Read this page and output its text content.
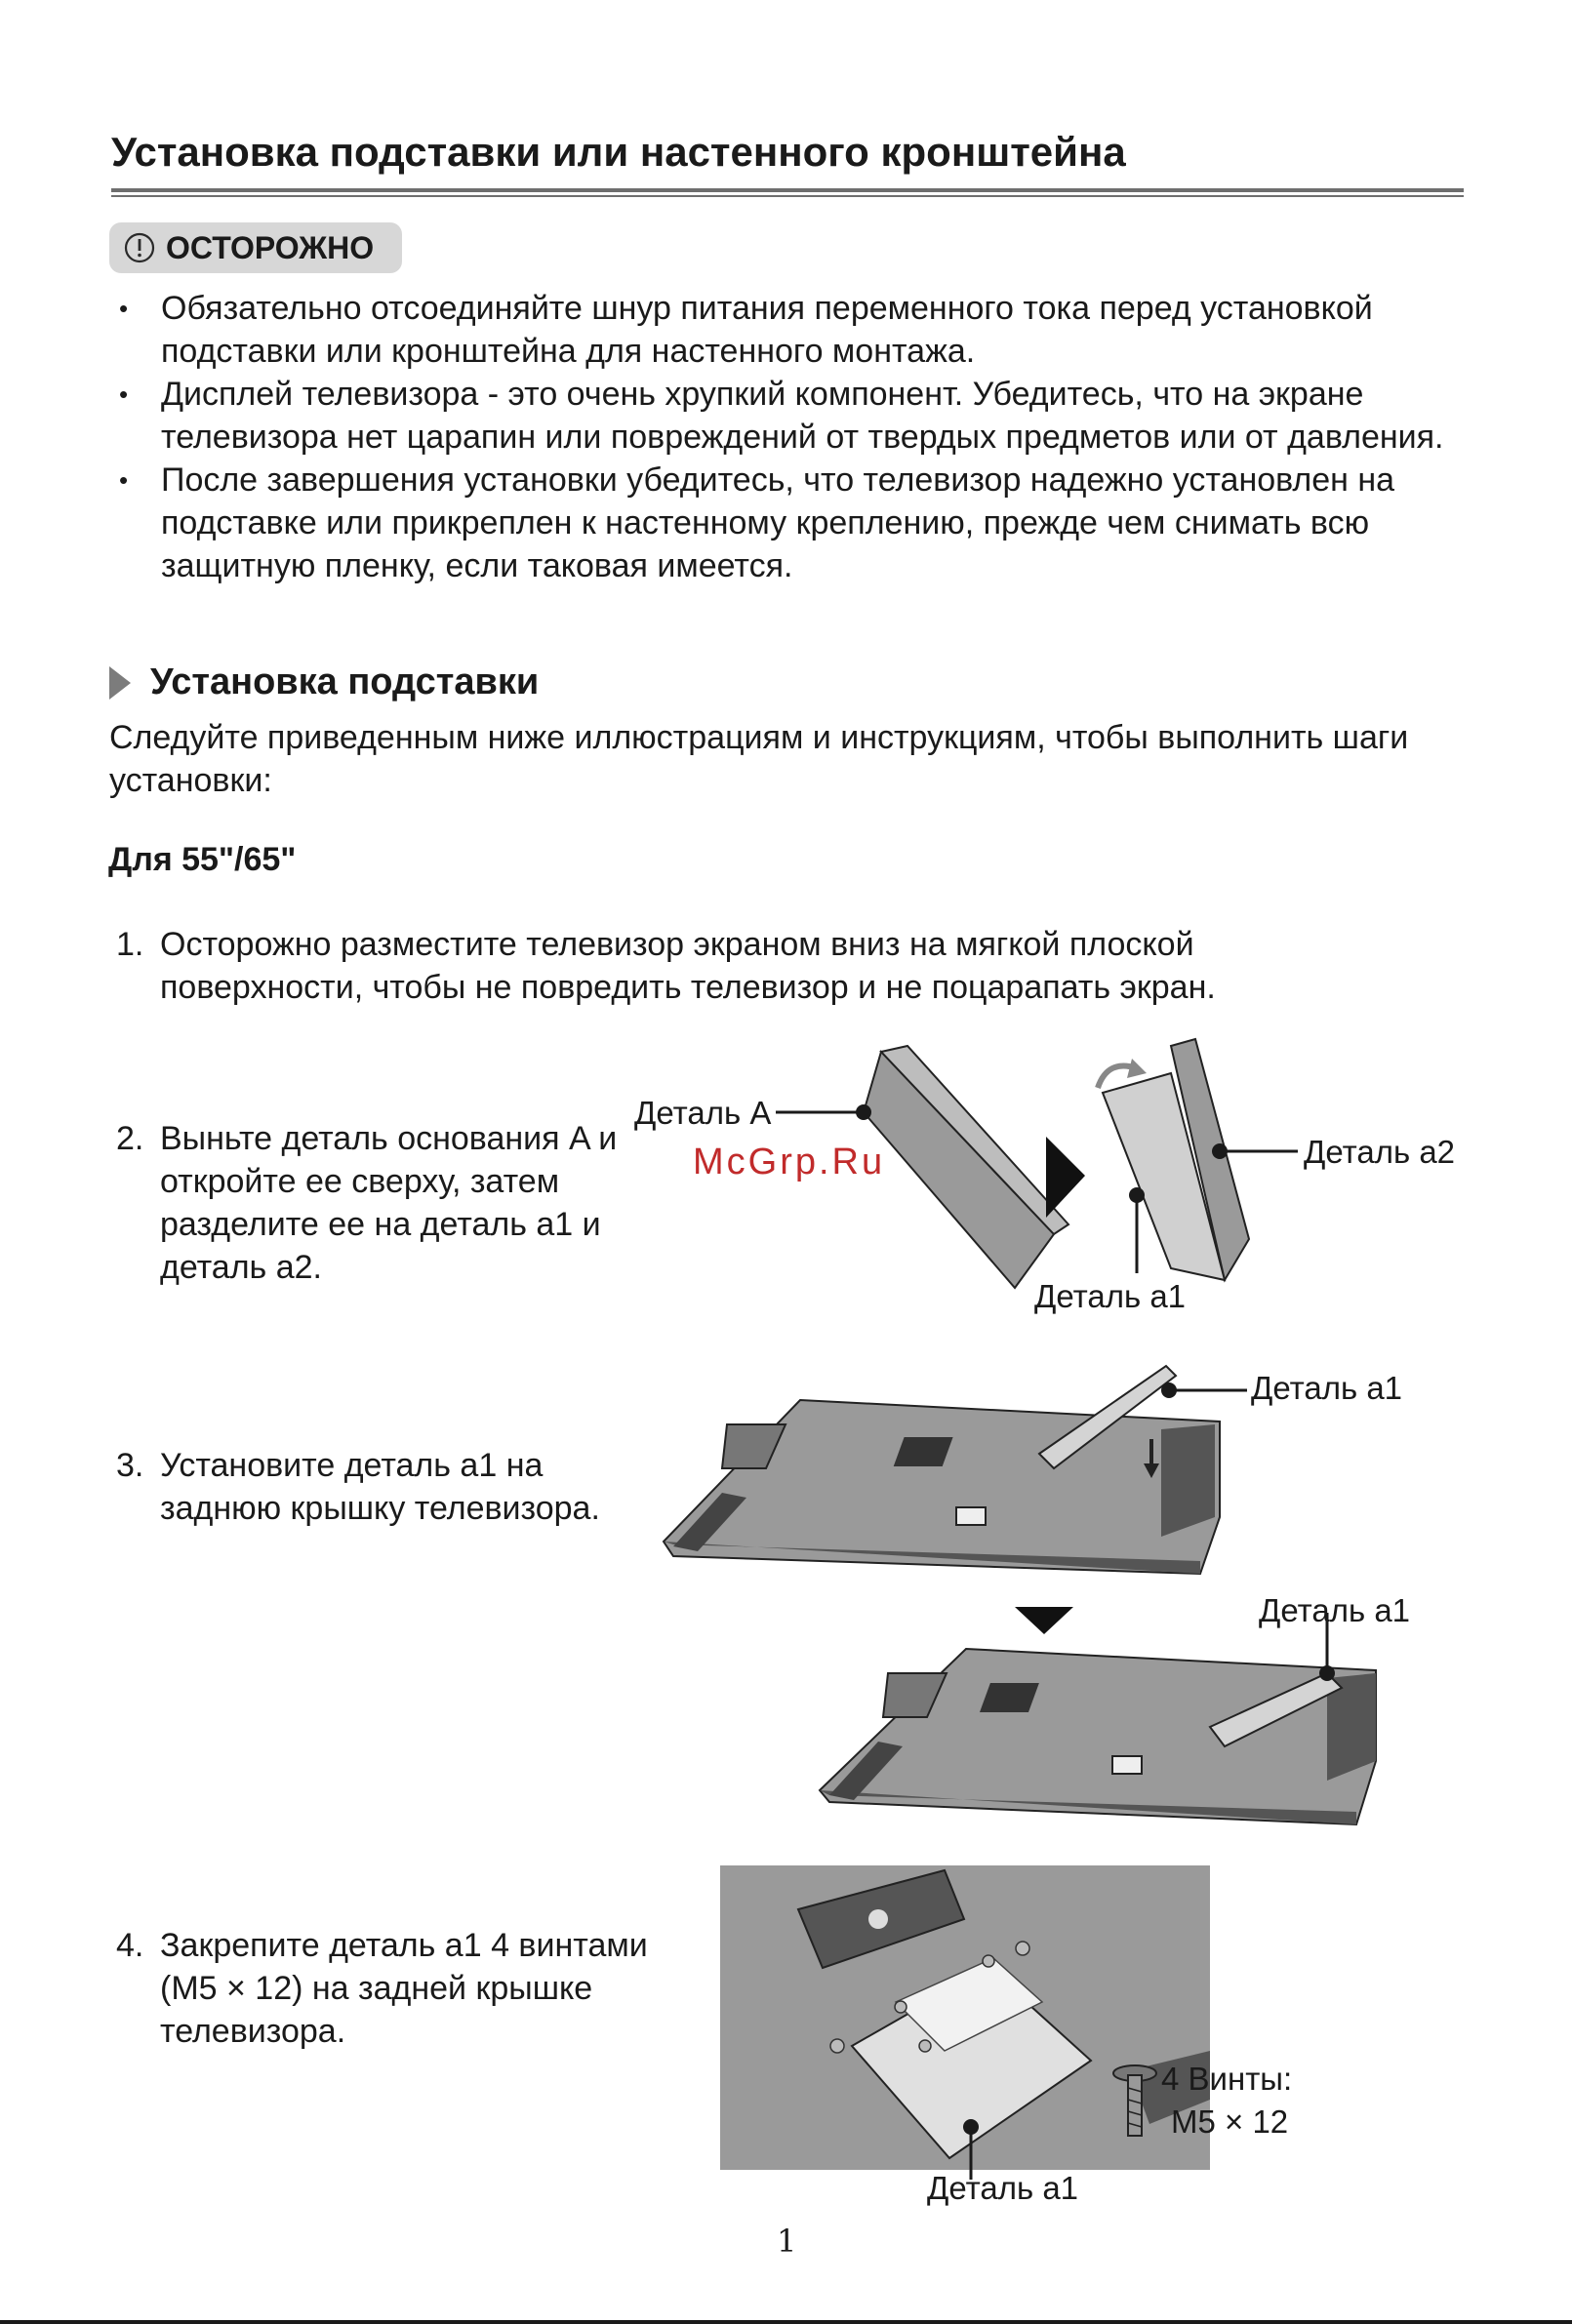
Установка подставки или настенного кронштейна
ОСТОРОЖНО
• Обязательно отсоединяйте шнур питания переменного тока перед установкой подставки или кронштейна для настенного монтажа.
• Дисплей телевизора - это очень хрупкий компонент. Убедитесь, что на экране телевизора нет царапин или повреждений от твердых предметов или от давления.
• После завершения установки убедитесь, что телевизор надежно установлен на подставке или прикреплен к настенному креплению, прежде чем снимать всю защитную пленку, если таковая имеется.
Установка подставки
Следуйте приведенным ниже иллюстрациям и инструкциям, чтобы выполнить шаги установки:
Для 55"/65"
1. Осторожно разместите телевизор экраном вниз на мягкой плоской поверхности, чтобы не повредить телевизор и не поцарапать экран.
2. Выньте деталь основания A и откройте ее сверху, затем разделите ее на деталь a1 и деталь a2.
3. Установите деталь a1 на заднюю крышку телевизора.
4. Закрепите деталь a1 4 винтами (M5 × 12) на задней крышке телевизора.
Деталь A
Деталь a2
Деталь a1
McGrp.Ru
Деталь a1
Деталь a1
4 Винты:
M5 × 12
Деталь a1
1
